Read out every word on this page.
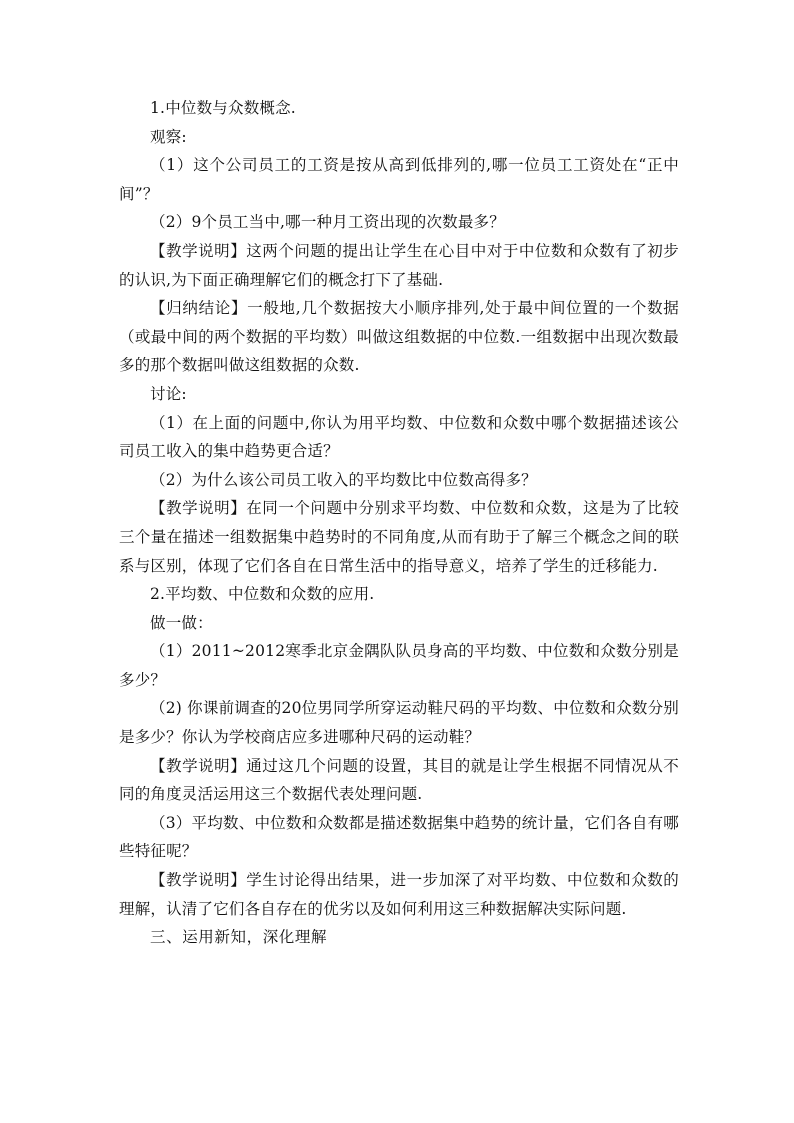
1.中位数与众数概念.

观察:

（1）这个公司员工的工资是按从高到低排列的,哪一位员工工资处在“正中间”？

（2）9个员工当中,哪一种月工资出现的次数最多？

【教学说明】这两个问题的提出让学生在心目中对于中位数和众数有了初步的认识,为下面正确理解它们的概念打下了基础.

【归纳结论】一般地,几个数据按大小顺序排列,处于最中间位置的一个数据（或最中间的两个数据的平均数）叫做这组数据的中位数.一组数据中出现次数最多的那个数据叫做这组数据的众数.

讨论:

（1）在上面的问题中,你认为用平均数、中位数和众数中哪个数据描述该公司员工收入的集中趋势更合适？

（2）为什么该公司员工收入的平均数比中位数高得多？

【教学说明】在同一个问题中分别求平均数、中位数和众数，这是为了比较三个量在描述一组数据集中趋势时的不同角度,从而有助于了解三个概念之间的联系与区别，体现了它们各自在日常生活中的指导意义，培养了学生的迁移能力.

2.平均数、中位数和众数的应用.

做一做：

（1）2011~2012寒季北京金隅队队员身高的平均数、中位数和众数分别是多少？

（2) 你课前调查的20位男同学所穿运动鞋尺码的平均数、中位数和众数分别是多少？你认为学校商店应多进哪种尺码的运动鞋？

【教学说明】通过这几个问题的设置，其目的就是让学生根据不同情况从不同的角度灵活运用这三个数据代表处理问题.

（3）平均数、中位数和众数都是描述数据集中趋势的统计量，它们各自有哪些特征呢？

【教学说明】学生讨论得出结果，进一步加深了对平均数、中位数和众数的理解，认清了它们各自存在的优劣以及如何利用这三种数据解决实际问题.

三、运用新知，深化理解
